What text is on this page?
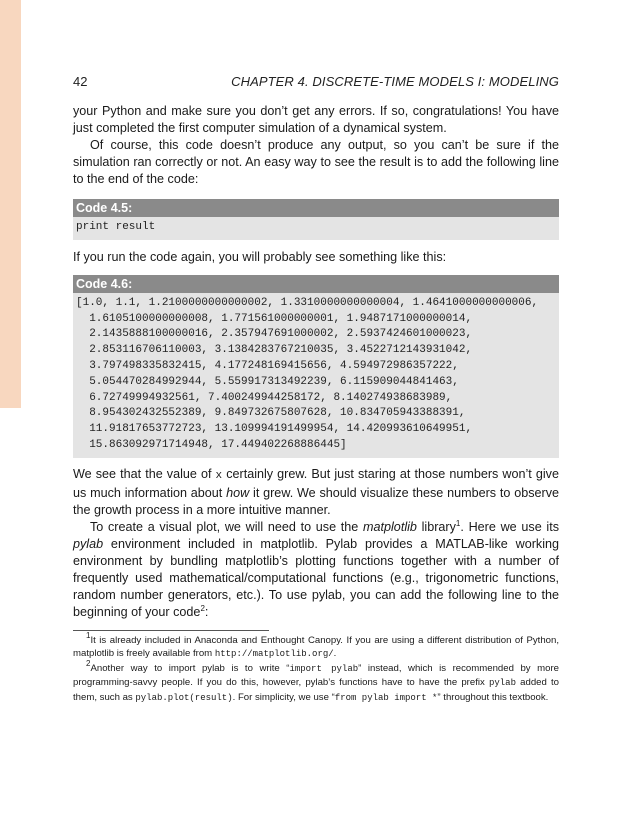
42	CHAPTER 4. DISCRETE-TIME MODELS I: MODELING

your Python and make sure you don’t get any errors. If so, congratulations! You have just completed the first computer simulation of a dynamical system.

Of course, this code doesn’t produce any output, so you can’t be sure if the simulation ran correctly or not. An easy way to see the result is to add the following line to the end of the code:

Code 4.5:
print result

If you run the code again, you will probably see something like this:

Code 4.6:
[1.0, 1.1, 1.2100000000000002, 1.3310000000000004, 1.4641000000000006,
1.6105100000000008, 1.771561000000001, 1.9487171000000014,
2.1435888100000016, 2.357947691000002, 2.5937424601000023,
2.853116706110003, 3.1384283767210035, 3.4522712143931042,
3.797498335832415, 4.177248169415656, 4.594972986357222,
5.054470284992944, 5.559917313492239, 6.115909044841463,
6.72749994932561, 7.400249944258172, 8.140274938683989,
8.954302432552389, 9.849732675807628, 10.834705943388391,
11.91817653772723, 13.109994191499954, 14.420993610649951,
15.863092971714948, 17.449402268886445]

We see that the value of x certainly grew. But just staring at those numbers won’t give us much information about how it grew. We should visualize these numbers to observe the growth process in a more intuitive manner.

To create a visual plot, we will need to use the matplotlib library$^1$. Here we use its pylab environment included in matplotlib. Pylab provides a MATLAB-like working environment by bundling matplotlib’s plotting functions together with a number of frequently used mathematical/computational functions (e.g., trigonometric functions, random number generators, etc.). To use pylab, you can add the following line to the beginning of your code$^2$:

$^1$It is already included in Anaconda and Enthought Canopy. If you are using a different distribution of Python, matplotlib is freely available from http://matplotlib.org/.

$^2$Another way to import pylab is to write “import pylab” instead, which is recommended by more programming-savvy people. If you do this, however, pylab’s functions have to have the prefix pylab added to them, such as pylab.plot(result). For simplicity, we use “from pylab import *” throughout this textbook.
